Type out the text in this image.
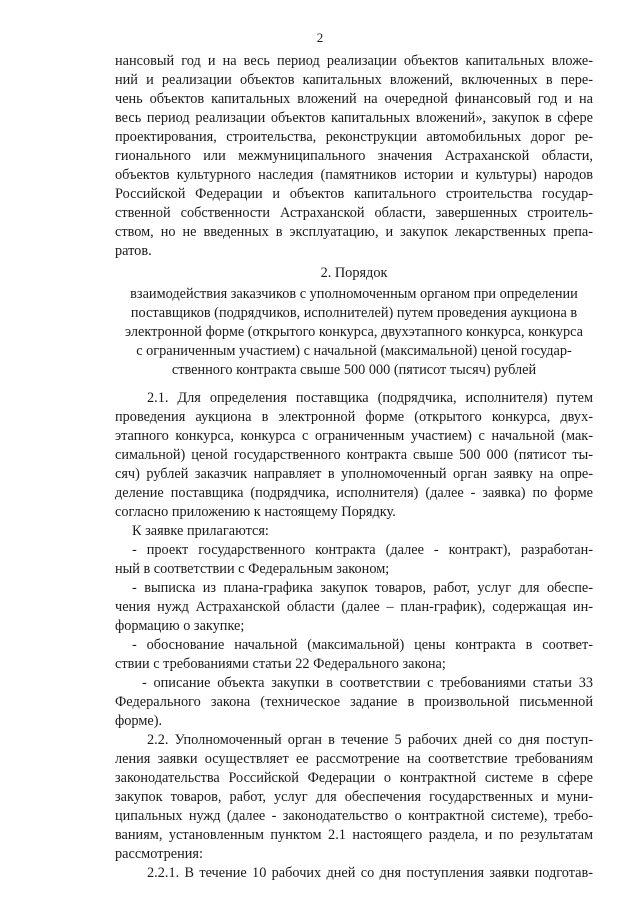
2
нансовый год и на весь период реализации объектов капитальных вложе-
ний и реализации объектов капитальных вложений, включенных в пере-
чень объектов капитальных вложений на очередной финансовый год и на
весь период реализации объектов капитальных вложений», закупок в сфере
проектирования, строительства, реконструкции автомобильных дорог ре-
гионального или межмуниципального значения Астраханской области,
объектов культурного наследия (памятников истории и культуры) народов
Российской Федерации и объектов капитального строительства государ-
ственной собственности Астраханской области, завершенных строитель-
ством, но не введенных в эксплуатацию, и закупок лекарственных препа-
ратов.
2. Порядок
взаимодействия заказчиков с уполномоченным органом при определении
поставщиков (подрядчиков, исполнителей) путем проведения аукциона в
электронной форме (открытого конкурса, двухэтапного конкурса, конкурса
с ограниченным участием) с начальной (максимальной) ценой государ-
ственного контракта свыше 500 000 (пятисот тысяч) рублей
2.1. Для определения поставщика (подрядчика, исполнителя) путем
проведения аукциона в электронной форме (открытого конкурса, двух-
этапного конкурса, конкурса с ограниченным участием) с начальной (мак-
симальной) ценой государственного контракта свыше 500 000 (пятисот ты-
сяч) рублей заказчик направляет в уполномоченный орган заявку на опре-
деление поставщика (подрядчика, исполнителя) (далее - заявка) по форме
согласно приложению к настоящему Порядку.
К заявке прилагаются:
- проект государственного контракта (далее - контракт), разработан-
ный в соответствии с Федеральным законом;
- выписка из плана-графика закупок товаров, работ, услуг для обеспе-
чения нужд Астраханской области (далее – план-график), содержащая ин-
формацию о закупке;
- обоснование начальной (максимальной) цены контракта в соответ-
ствии с требованиями статьи 22 Федерального закона;
- описание объекта закупки в соответствии с требованиями статьи 33
Федерального закона (техническое задание в произвольной письменной
форме).
2.2. Уполномоченный орган в течение 5 рабочих дней со дня поступ-
ления заявки осуществляет ее рассмотрение на соответствие требованиям
законодательства Российской Федерации о контрактной системе в сфере
закупок товаров, работ, услуг для обеспечения государственных и муни-
ципальных нужд (далее - законодательство о контрактной системе), требо-
ваниям, установленным пунктом 2.1 настоящего раздела, и по результатам
рассмотрения:
2.2.1. В течение 10 рабочих дней со дня поступления заявки подготав-
